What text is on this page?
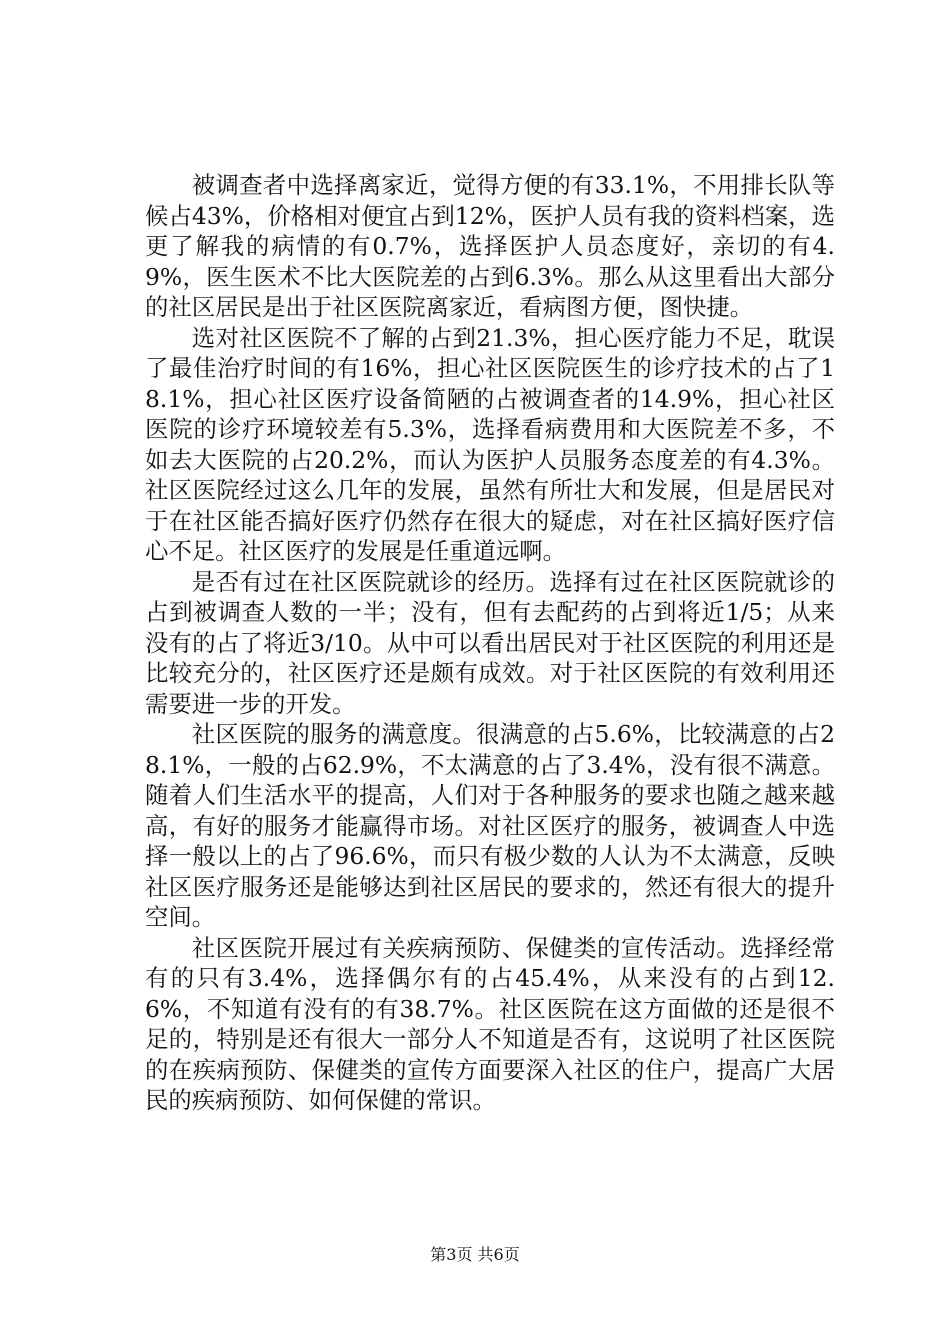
被调查者中选择离家近，觉得方便的有33.1%，不用排长队等候占43%，价格相对便宜占到12%，医护人员有我的资料档案，选更了解我的病情的有0.7%，选择医护人员态度好，亲切的有4.9%，医生医术不比大医院差的占到6.3%。那么从这里看出大部分的社区居民是出于社区医院离家近，看病图方便，图快捷。

选对社区医院不了解的占到21.3%，担心医疗能力不足，耽误了最佳治疗时间的有16%，担心社区医院医生的诊疗技术的占了18.1%，担心社区医疗设备简陋的占被调查者的14.9%，担心社区医院的诊疗环境较差有5.3%，选择看病费用和大医院差不多，不如去大医院的占20.2%，而认为医护人员服务态度差的有4.3%。社区医院经过这么几年的发展，虽然有所壮大和发展，但是居民对于在社区能否搞好医疗仍然存在很大的疑虑，对在社区搞好医疗信心不足。社区医疗的发展是任重道远啊。

是否有过在社区医院就诊的经历。选择有过在社区医院就诊的占到被调查人数的一半；没有，但有去配药的占到将近1/5；从来没有的占了将近3/10。从中可以看出居民对于社区医院的利用还是比较充分的，社区医疗还是颇有成效。对于社区医院的有效利用还需要进一步的开发。

社区医院的服务的满意度。很满意的占5.6%，比较满意的占28.1%，一般的占62.9%，不太满意的占了3.4%，没有很不满意。随着人们生活水平的提高，人们对于各种服务的要求也随之越来越高，有好的服务才能赢得市场。对社区医疗的服务，被调查人中选择一般以上的占了96.6%，而只有极少数的人认为不太满意，反映社区医疗服务还是能够达到社区居民的要求的，然还有很大的提升空间。

社区医院开展过有关疾病预防、保健类的宣传活动。选择经常有的只有3.4%，选择偶尔有的占45.4%，从来没有的占到12.6%，不知道有没有的有38.7%。社区医院在这方面做的还是很不足的，特别是还有很大一部分人不知道是否有，这说明了社区医院的在疾病预防、保健类的宣传方面要深入社区的住户，提高广大居民的疾病预防、如何保健的常识。

第3页 共6页
